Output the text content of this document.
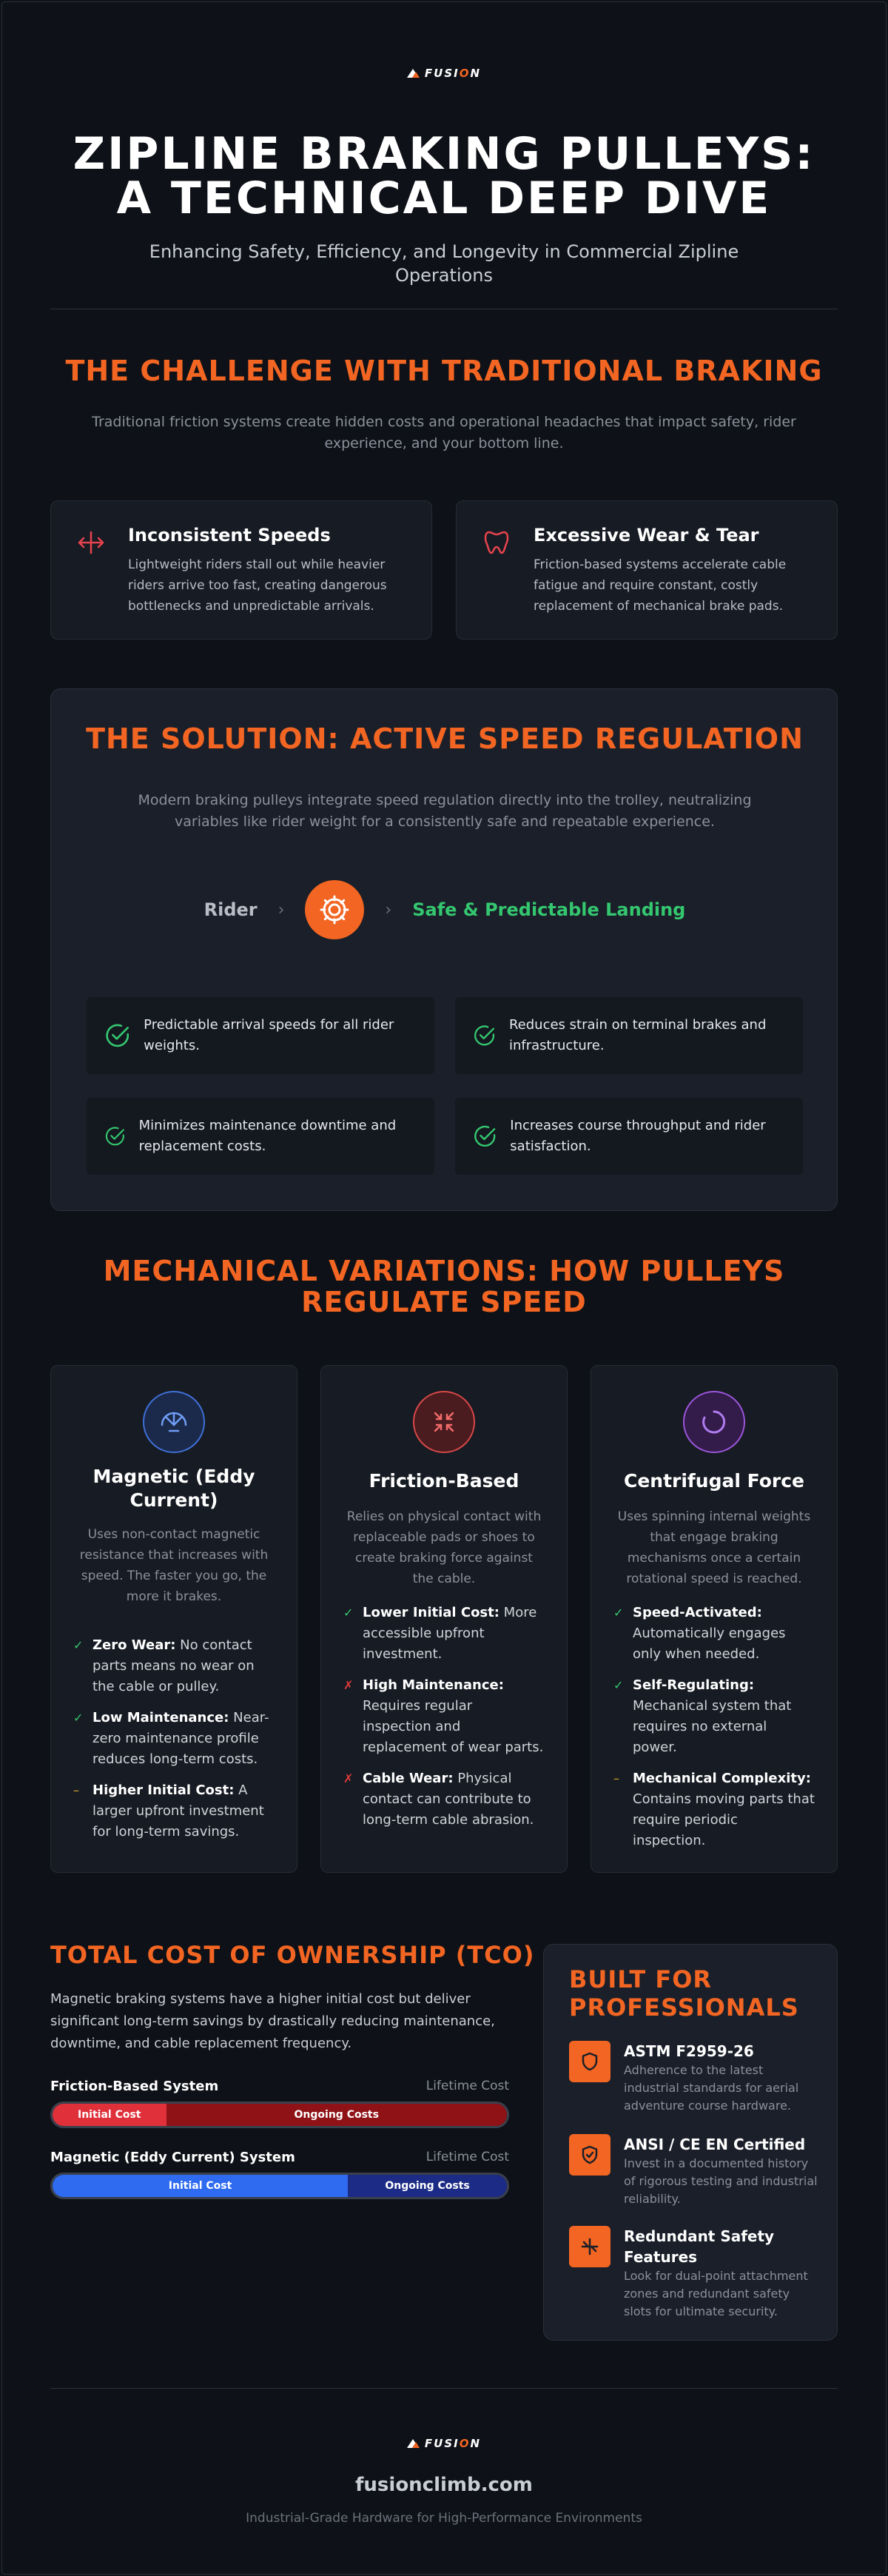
FUSION
ZIPLINE BRAKING PULLEYS:
A TECHNICAL DEEP DIVE
Enhancing Safety, Efficiency, and Longevity in Commercial Zipline Operations
THE CHALLENGE WITH TRADITIONAL BRAKING
Traditional friction systems create hidden costs and operational headaches that impact safety, rider experience, and your bottom line.
Inconsistent Speeds
Lightweight riders stall out while heavier riders arrive too fast, creating dangerous bottlenecks and unpredictable arrivals.
Excessive Wear & Tear
Friction-based systems accelerate cable fatigue and require constant, costly replacement of mechanical brake pads.
THE SOLUTION: ACTIVE SPEED REGULATION
Modern braking pulleys integrate speed regulation directly into the trolley, neutralizing variables like rider weight for a consistently safe and repeatable experience.
Rider ›	› Safe & Predictable Landing
Predictable arrival speeds for all rider weights.
Reduces strain on terminal brakes and infrastructure.
Minimizes maintenance downtime and replacement costs.
Increases course throughput and rider satisfaction.
MECHANICAL VARIATIONS: HOW PULLEYS
REGULATE SPEED
Magnetic (Eddy Current)
Uses non-contact magnetic resistance that increases with speed. The faster you go, the more it brakes.
✓ Zero Wear: No contact parts means no wear on the cable or pulley.
✓ Low Maintenance: Near-zero maintenance profile reduces long-term costs.
–	Higher Initial Cost: A larger upfront investment for long-term savings.
Friction-Based
Relies on physical contact with replaceable pads or shoes to create braking force against the cable.
✓ Lower Initial Cost: More accessible upfront investment.
✗ High Maintenance: Requires regular inspection and replacement of wear parts.
✗ Cable Wear: Physical contact can contribute to long-term cable abrasion.
Centrifugal Force
Uses spinning internal weights that engage braking mechanisms once a certain rotational speed is reached.
✓ Speed-Activated: Automatically engages only when needed.
✓ Self-Regulating: Mechanical system that requires no external power.
–	Mechanical Complexity: Contains moving parts that require periodic inspection.
TOTAL COST OF OWNERSHIP (TCO)
Magnetic braking systems have a higher initial cost but deliver significant long-term savings by drastically reducing maintenance, downtime, and cable replacement frequency.
Friction-Based System	Lifetime Cost
Initial Cost	Ongoing Costs
Magnetic (Eddy Current) System	Lifetime Cost
Initial Cost	Ongoing Costs
BUILT FOR
PROFESSIONALS
ASTM F2959-26
Adherence to the latest industrial standards for aerial adventure course hardware.
ANSI / CE EN Certified
Invest in a documented history of rigorous testing and industrial reliability.
Redundant Safety Features
Look for dual-point attachment zones and redundant safety slots for ultimate security.
FUSION
fusionclimb.com
Industrial-Grade Hardware for High-Performance Environments
